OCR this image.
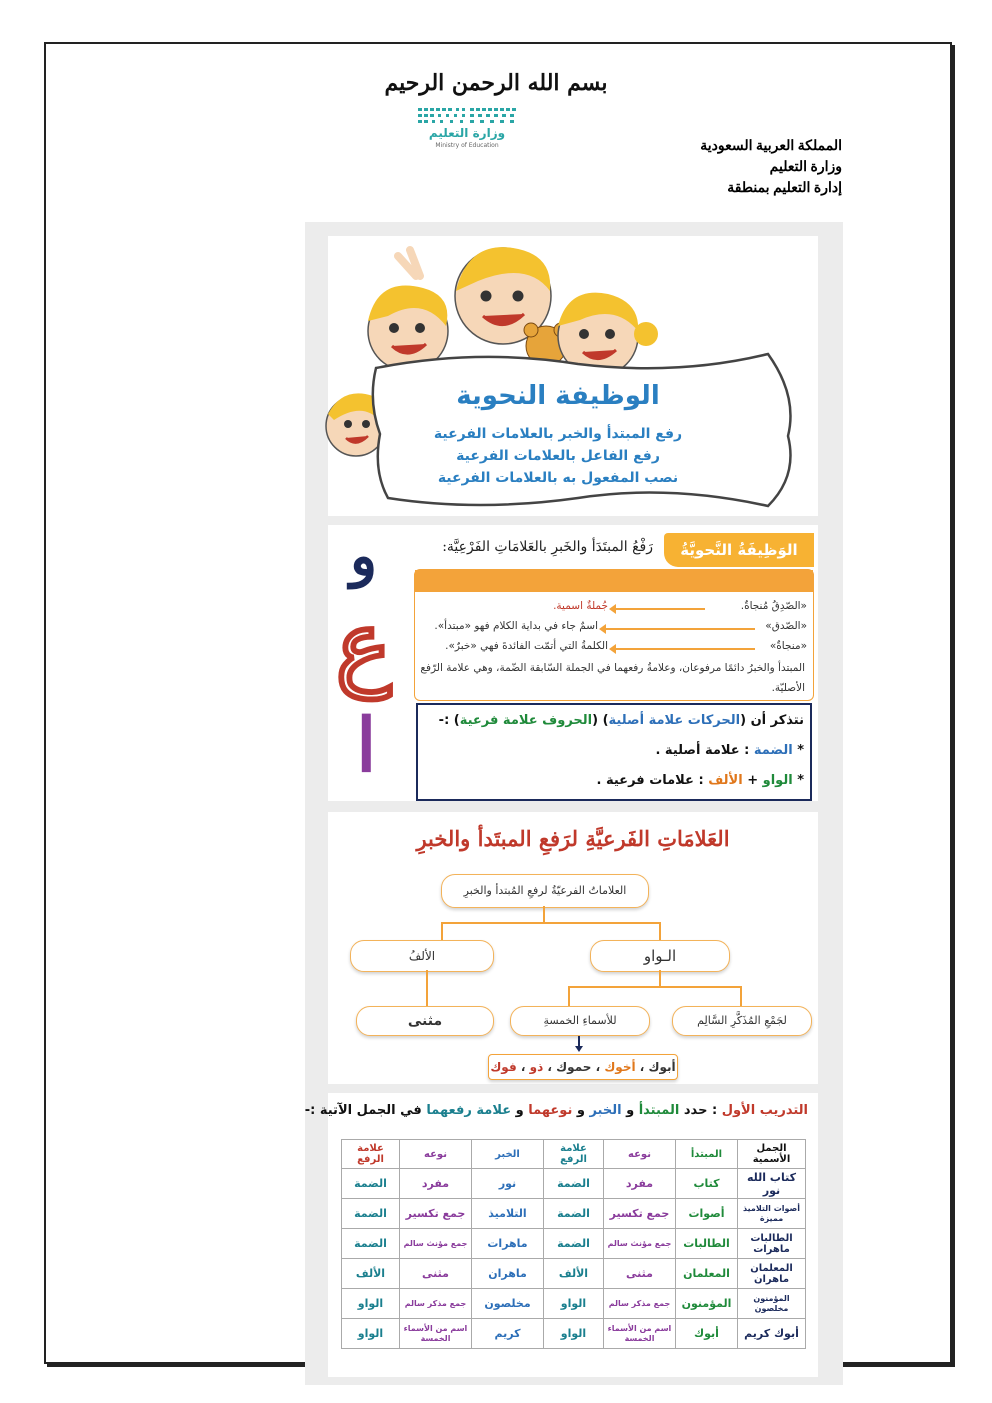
بسم الله الرحمن الرحيم
وزارة التعليم
Ministry of Education	المملكة العربية السعودية
وزارة التعليم
إدارة التعليم بمنطقة
الوظيفة النحوية
رفع المبتدأ والخبر بالعلامات الفرعية
رفع الفاعل بالعلامات الفرعية
نصب المفعول به بالعلامات الفرعية
الوَظِيفَةُ النَّحويَّةُ
رَفْعُ المبتَدَأ والخَبرِ بالعَلامَاتِ الفَرْعِيَّة:
و
ع
ا
«الصّدِقُ مُنجاةٌ.
جُملةٌ اسمية.
«الصّدق»
اسمٌ جاء في بداية الكلام فهو «مبتدأ».
«منجاةٌ»
الكلمةُ التي أتمّت الفائدةَ فهي «خبرٌ».
المبتدأ والخبرُ دائمًا مرفوعان، وعلامةُ رفعهما في الجملة السّابقة الضّمة، وهي علامة الرّفع الأصليّة.
نتذكر أن (الحركات علامة أصلية) (الحروف علامة فرعية) :-
* الضمة : علامة أصلية .
* الواو + الألف : علامات فرعية .
العَلامَاتِ الفَرعيَّةِ لرَفعِ المبتَدأ والخبرِ
العلاماتُ الفرعيّةُ لرفعِ المُبتدأ والخبرِ
الألفُ	الـواو
مثنى	للأسماءِ الخمسةِ	لجَمْعِ المُذَكَّرِ السَّالِم
أبوك ، أخوك ، حموك ، ذو ، فوك
التدريب الأول : حدد المبتدأ و الخبر و نوعهما و علامة رفعهما في الجمل الآتية :-
الجمل الأسمية	المبتدأ	نوعه	علامة الرفع	الخبر	نوعه	علامة الرفع
كتاب الله نور	كتاب	مفرد	الضمة	نور	مفرد	الضمة
أصوات التلاميذ مميزة	أصوات	جمع تكسير	الضمة	التلاميذ	جمع تكسير	الضمة
الطالبات ماهرات	الطالبات	جمع مؤنث سالم	الضمة	ماهرات	جمع مؤنث سالم	الضمة
المعلمان ماهران	المعلمان	مثنى	الألف	ماهران	مثنى	الألف
المؤمنون مخلصون	المؤمنون	جمع مذكر سالم	الواو	مخلصون	جمع مذكر سالم	الواو
أبوك كريم	أبوك	اسم من الأسماء الخمسة	الواو	كريم	اسم من الأسماء الخمسة	الواو
